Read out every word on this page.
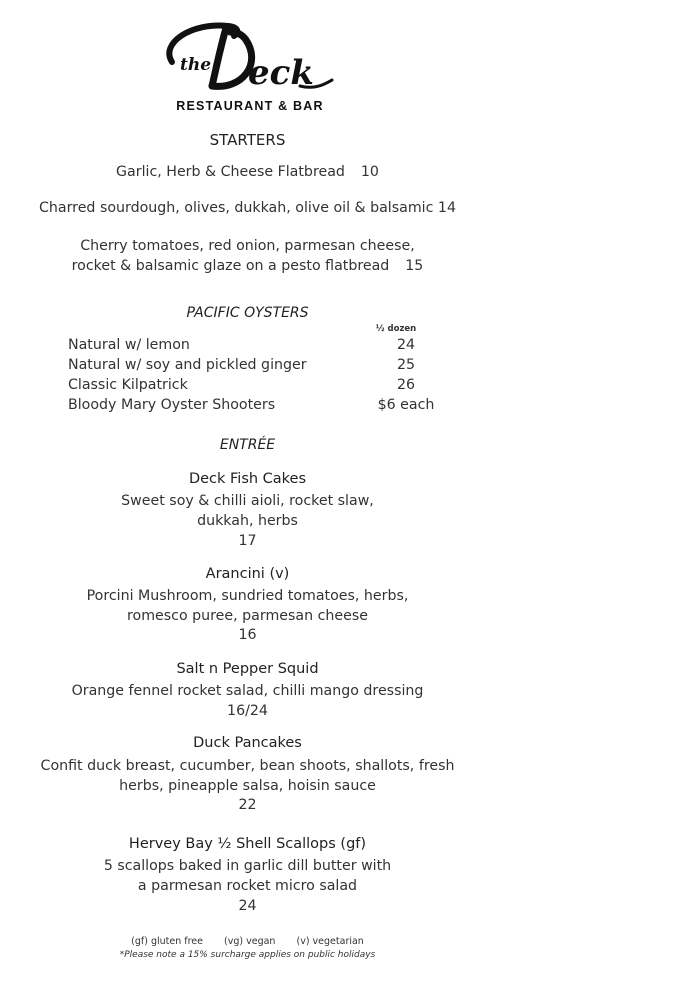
the eck
RESTAURANT & BAR
STARTERS
Garlic, Herb & Cheese Flatbread 10
Charred sourdough, olives, dukkah, olive oil & balsamic 14
Cherry tomatoes, red onion, parmesan cheese,
rocket & balsamic glaze on a pesto flatbread 15
PACIFIC OYSTERS
½ dozen
Natural w/ lemon	24
Natural w/ soy and pickled ginger	25
Classic Kilpatrick	26
Bloody Mary Oyster Shooters	$6 each
ENTRÉE
Deck Fish Cakes
Sweet soy & chilli aioli, rocket slaw,
dukkah, herbs
17
Arancini (v)
Porcini Mushroom, sundried tomatoes, herbs,
romesco puree, parmesan cheese
16
Salt n Pepper Squid
Orange fennel rocket salad, chilli mango dressing
16/24
Duck Pancakes
Confit duck breast, cucumber, bean shoots, shallots, fresh
herbs, pineapple salsa, hoisin sauce
22
Hervey Bay ½ Shell Scallops (gf)
5 scallops baked in garlic dill butter with
a parmesan rocket micro salad
24
(gf) gluten free (vg) vegan (v) vegetarian
*Please note a 15% surcharge applies on public holidays
